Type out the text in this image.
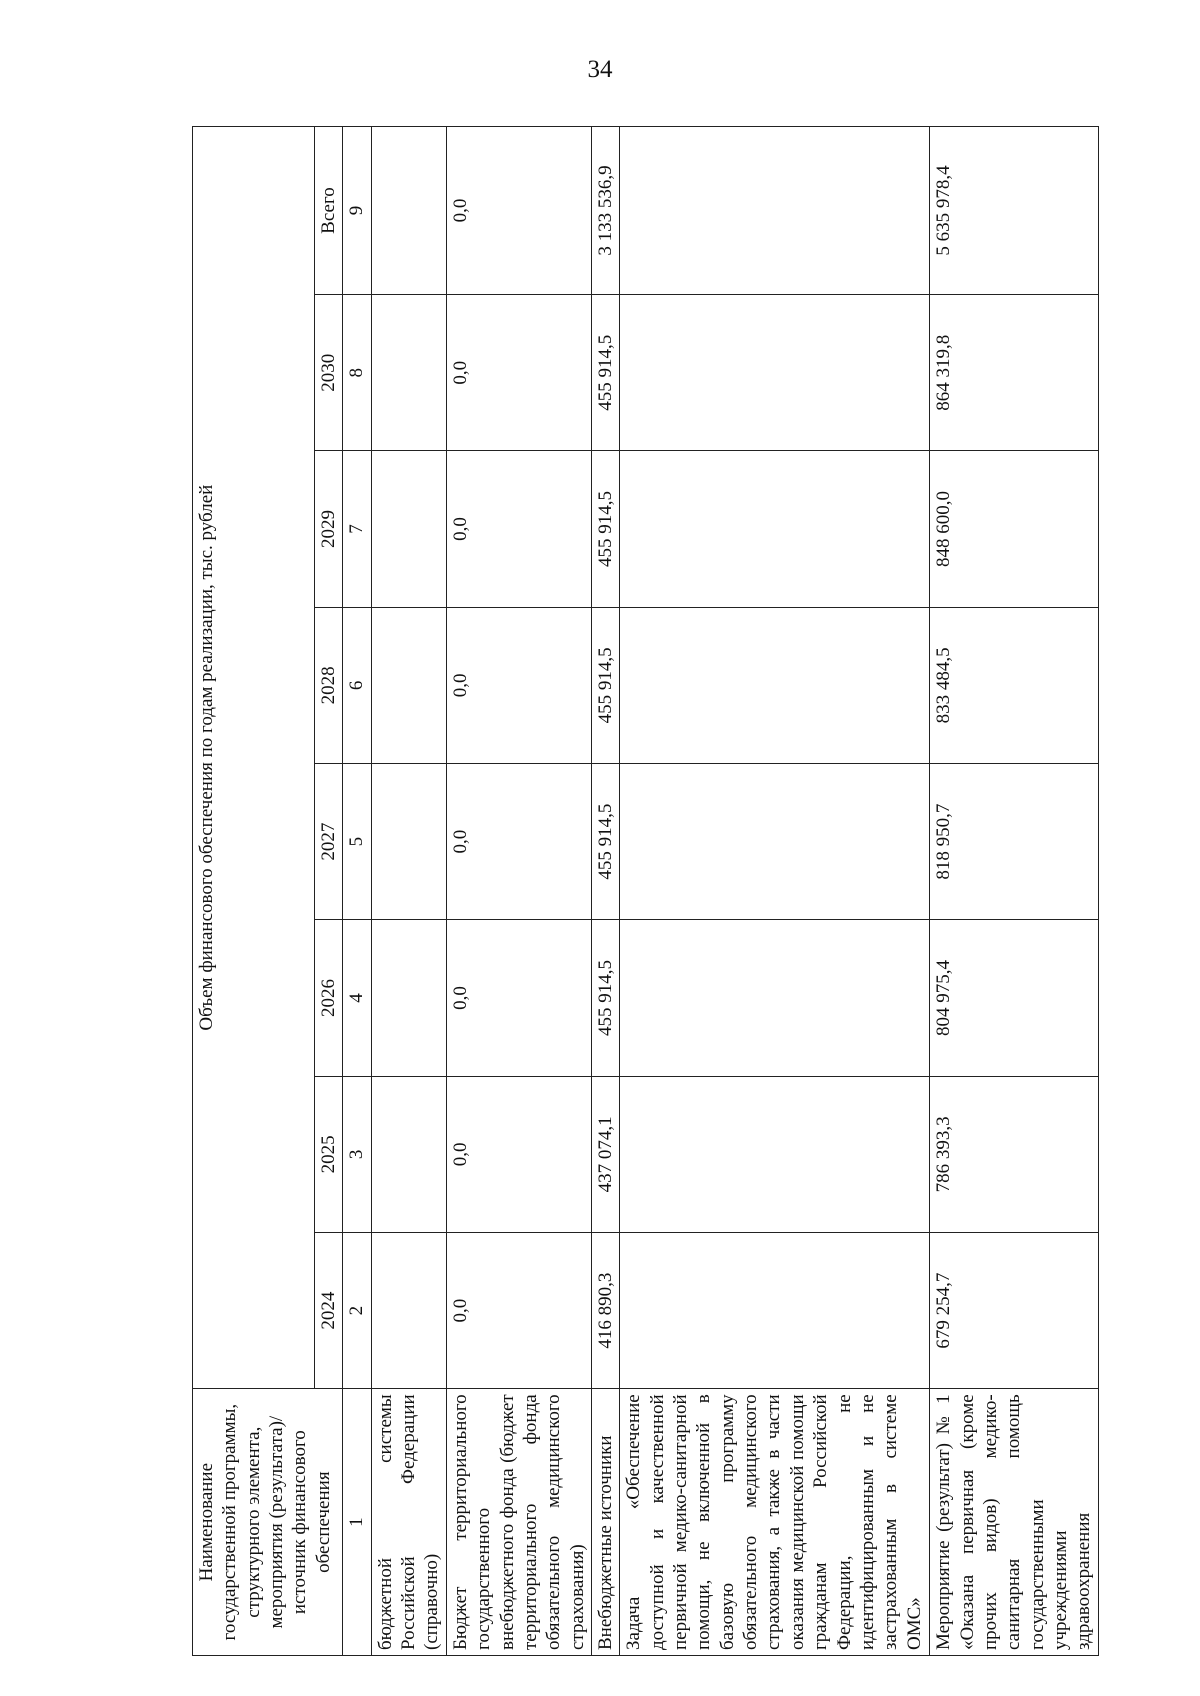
34
Наименование государственной программы, структурного элемента, мероприятия (результата)/источник финансового обеспечения	Объем финансового обеспечения по годам реализации, тыс. рублей							
	2024	2025	2026	2027	2028	2029	2030	Всего
1	2	3	4	5	6	7	8	9
бюджетной системы Российской Федерации (справочно)								
Бюджет территориального государственного внебюджетного фонда (бюджет территориального фонда обязательного медицинского страхования)	0,0	0,0	0,0	0,0	0,0	0,0	0,0	0,0
Внебюджетные источники	416 890,3	437 074,1	455 914,5	455 914,5	455 914,5	455 914,5	455 914,5	3 133 536,9
Задача «Обеспечение доступной и качественной первичной медико-санитарной помощи, не включенной в базовую программу обязательного медицинского страхования, а также в части оказания медицинской помощи гражданам Российской Федерации, не идентифицированным и не застрахованным в системе ОМС»								
Мероприятие (результат) № 1 «Оказана первичная (кроме прочих видов) медико-санитарная помощь государственными учреждениями здравоохранения	679 254,7	786 393,3	804 975,4	818 950,7	833 484,5	848 600,0	864 319,8	5 635 978,4
